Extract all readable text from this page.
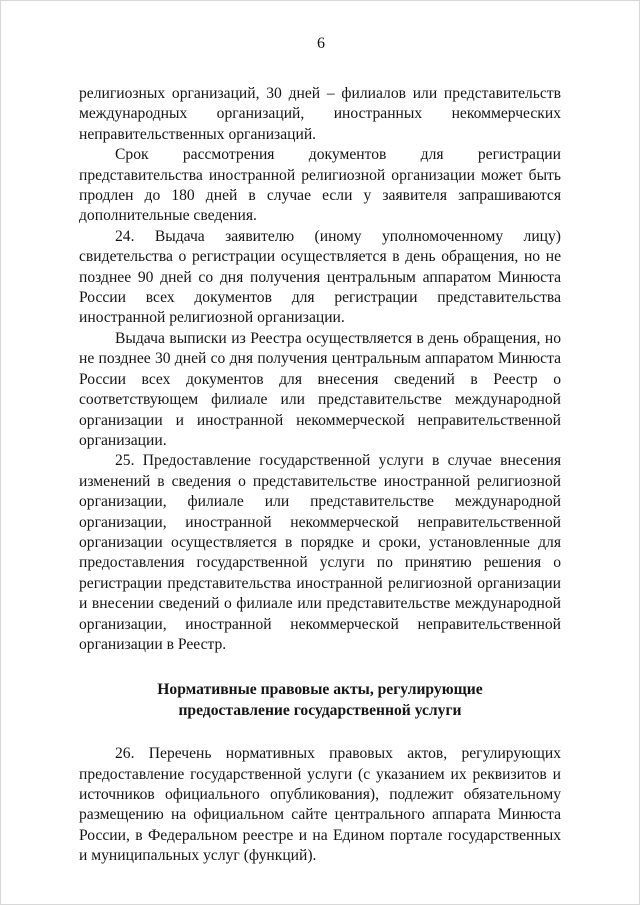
6

религиозных организаций, 30 дней – филиалов или представительств международных организаций, иностранных некоммерческих неправительственных организаций.

Срок рассмотрения документов для регистрации представительства иностранной религиозной организации может быть продлен до 180 дней в случае если у заявителя запрашиваются дополнительные сведения.

24. Выдача заявителю (иному уполномоченному лицу) свидетельства о регистрации осуществляется в день обращения, но не позднее 90 дней со дня получения центральным аппаратом Минюста России всех документов для регистрации представительства иностранной религиозной организации.

Выдача выписки из Реестра осуществляется в день обращения, но не позднее 30 дней со дня получения центральным аппаратом Минюста России всех документов для внесения сведений в Реестр о соответствующем филиале или представительстве международной организации и иностранной некоммерческой неправительственной организации.

25. Предоставление государственной услуги в случае внесения изменений в сведения о представительстве иностранной религиозной организации, филиале или представительстве международной организации, иностранной некоммерческой неправительственной организации осуществляется в порядке и сроки, установленные для предоставления государственной услуги по принятию решения о регистрации представительства иностранной религиозной организации и внесении сведений о филиале или представительстве международной организации, иностранной некоммерческой неправительственной организации в Реестр.

Нормативные правовые акты, регулирующие
предоставление государственной услуги

26. Перечень нормативных правовых актов, регулирующих предоставление государственной услуги (с указанием их реквизитов и источников официального опубликования), подлежит обязательному размещению на официальном сайте центрального аппарата Минюста России, в Федеральном реестре и на Едином портале государственных и муниципальных услуг (функций).
